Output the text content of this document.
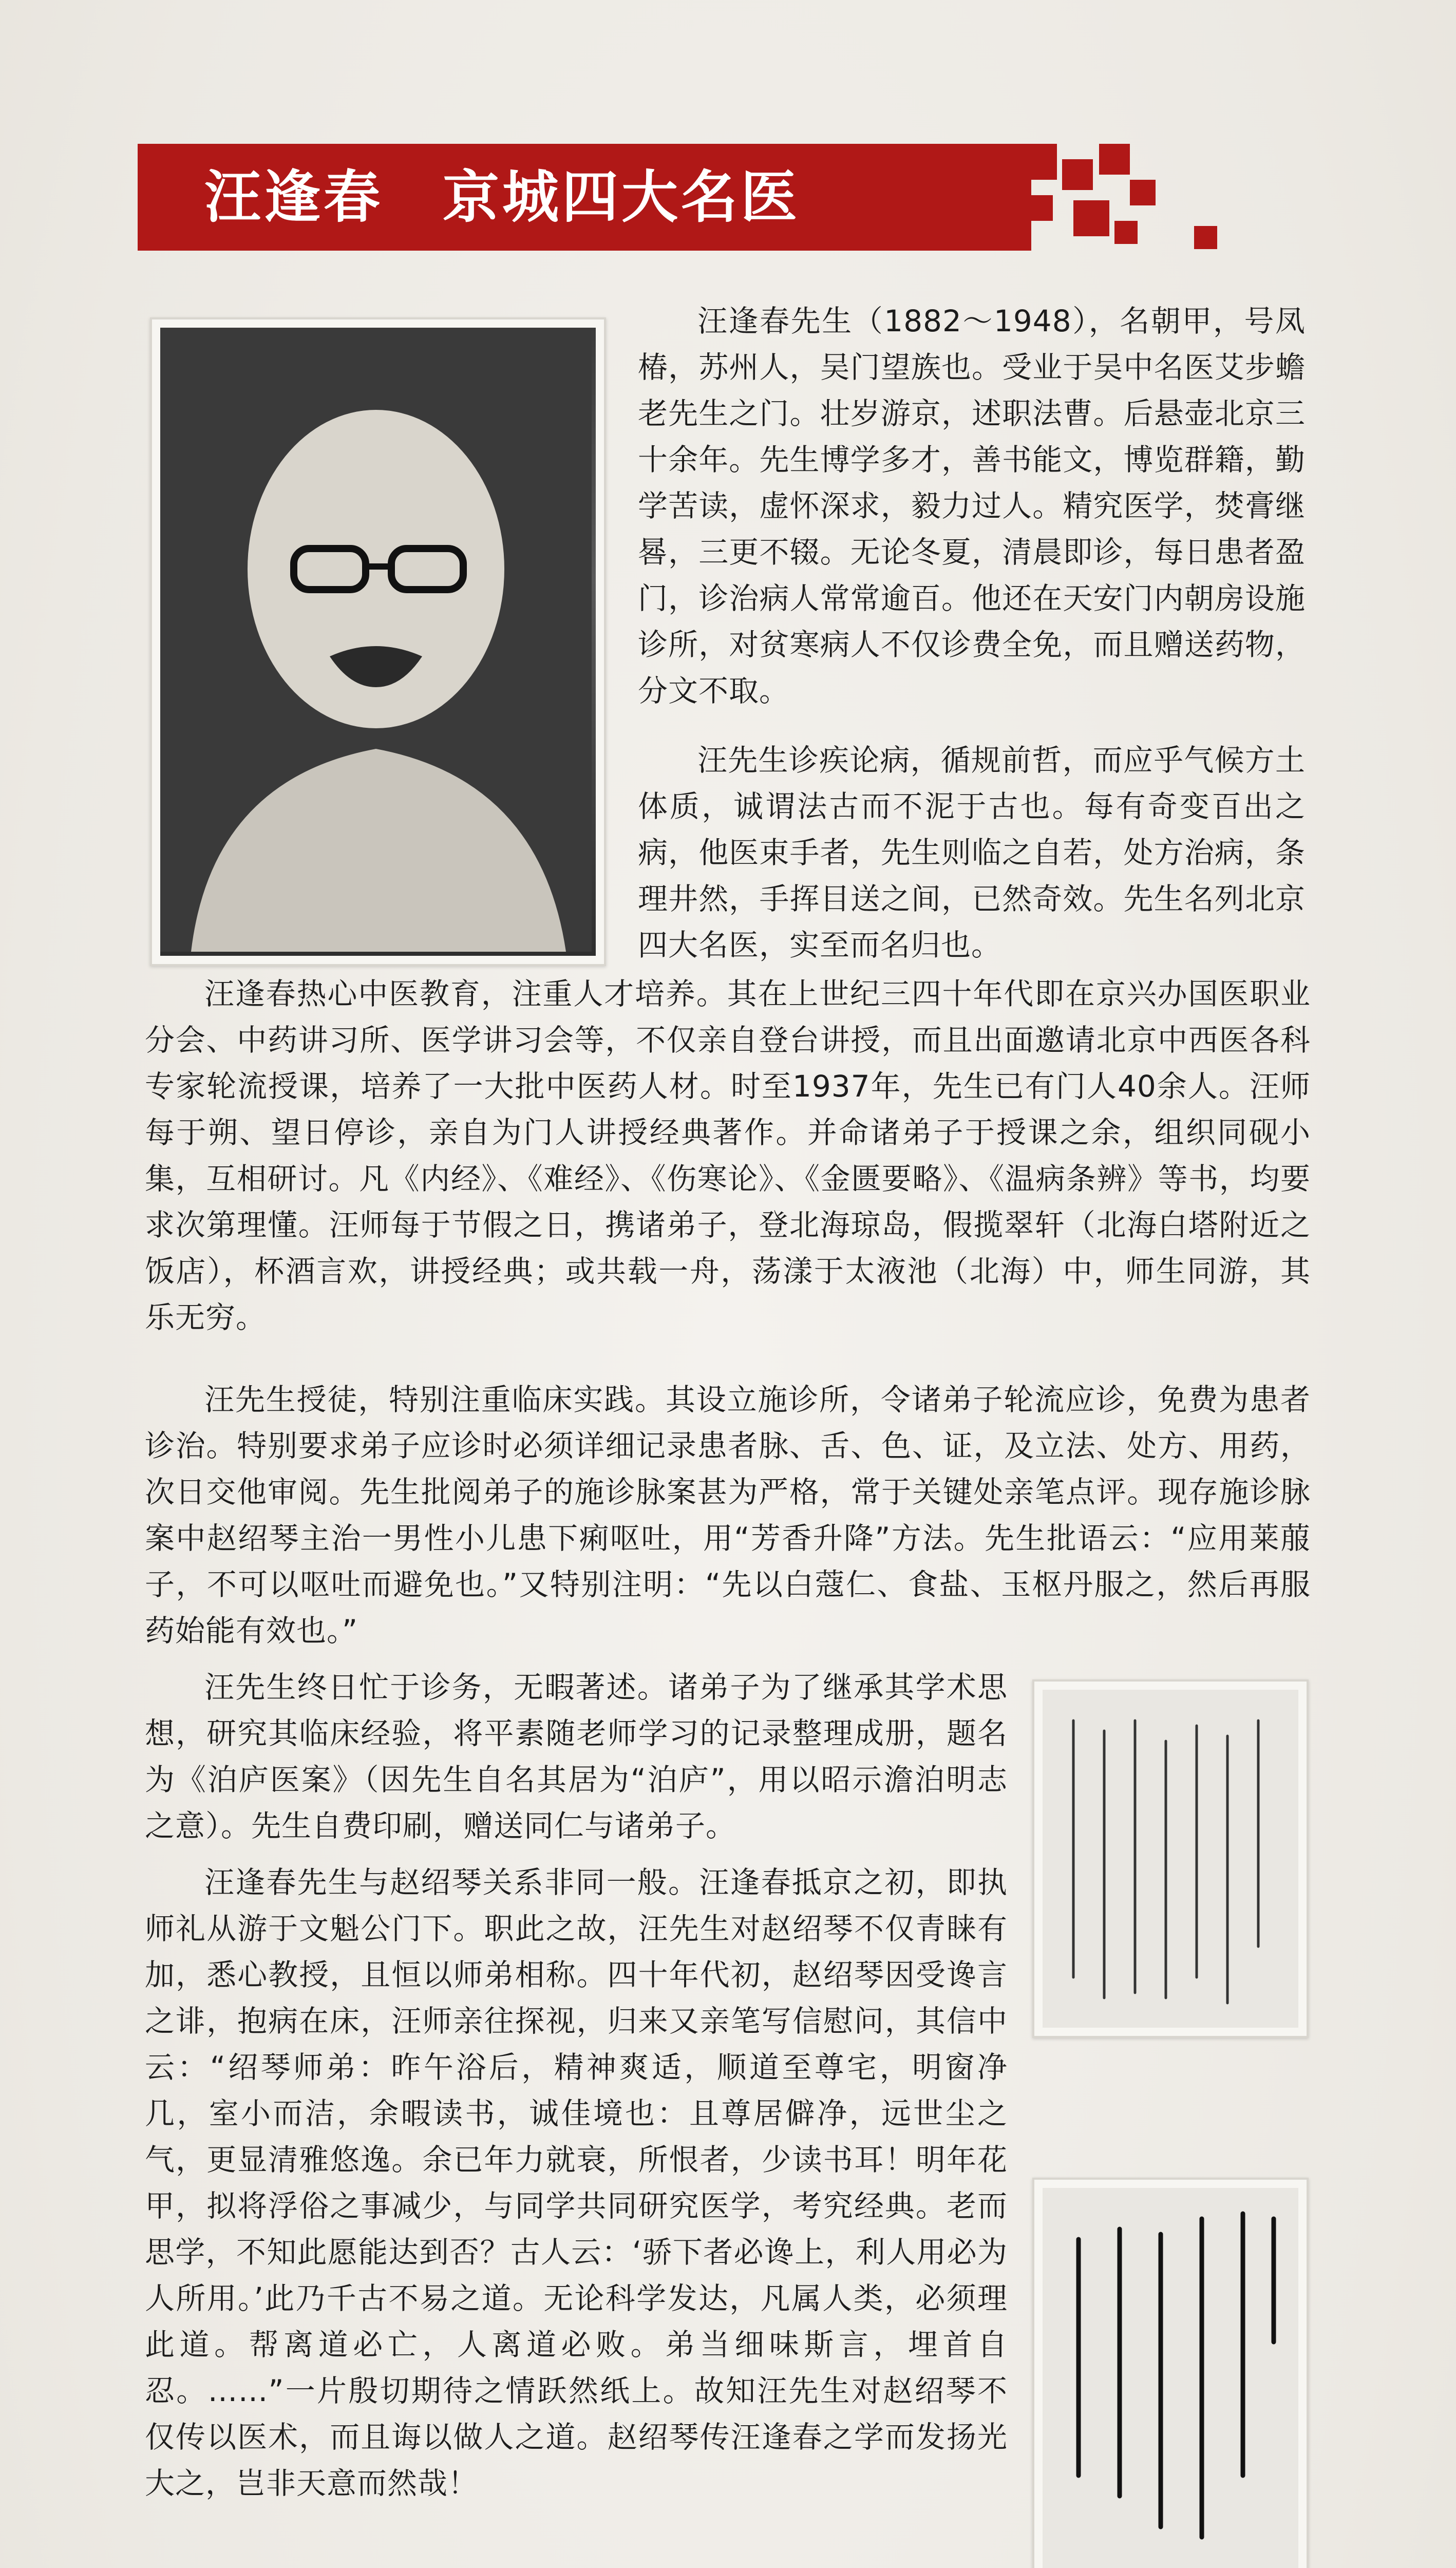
汪逢春　京城四大名医

汪逢春先生（1882～1948），名朝甲，号凤椿，苏州人，吴门望族也。受业于吴中名医艾步蟾老先生之门。壮岁游京，述职法曹。后悬壶北京三十余年。先生博学多才，善书能文，博览群籍，勤学苦读，虚怀深求，毅力过人。精究医学，焚膏继晷，三更不辍。无论冬夏，清晨即诊，每日患者盈门，诊治病人常常逾百。他还在天安门内朝房设施诊所，对贫寒病人不仅诊费全免，而且赠送药物，分文不取。

汪先生诊疾论病，循规前哲，而应乎气候方土体质，诚谓法古而不泥于古也。每有奇变百出之病，他医束手者，先生则临之自若，处方治病，条理井然，手挥目送之间，已然奇效。先生名列北京四大名医，实至而名归也。

汪逢春热心中医教育，注重人才培养。其在上世纪三四十年代即在京兴办国医职业分会、中药讲习所、医学讲习会等，不仅亲自登台讲授，而且出面邀请北京中西医各科专家轮流授课，培养了一大批中医药人材。时至1937年，先生已有门人40余人。汪师每于朔、望日停诊，亲自为门人讲授经典著作。并命诸弟子于授课之余，组织同砚小集，互相研讨。凡《内经》、《难经》、《伤寒论》、《金匮要略》、《温病条辨》等书，均要求次第理懂。汪师每于节假之日，携诸弟子，登北海琼岛，假揽翠轩（北海白塔附近之饭店），杯酒言欢，讲授经典；或共载一舟，荡漾于太液池（北海）中，师生同游，其乐无穷。

汪先生授徒，特别注重临床实践。其设立施诊所，令诸弟子轮流应诊，免费为患者诊治。特别要求弟子应诊时必须详细记录患者脉、舌、色、证，及立法、处方、用药，次日交他审阅。先生批阅弟子的施诊脉案甚为严格，常于关键处亲笔点评。现存施诊脉案中赵绍琴主治一男性小儿患下痢呕吐，用“芳香升降”方法。先生批语云：“应用莱菔子，不可以呕吐而避免也。”又特别注明：“先以白蔻仁、食盐、玉枢丹服之，然后再服药始能有效也。”

汪先生终日忙于诊务，无暇著述。诸弟子为了继承其学术思想，研究其临床经验，将平素随老师学习的记录整理成册，题名为《泊庐医案》（因先生自名其居为“泊庐”，用以昭示澹泊明志之意）。先生自费印刷，赠送同仁与诸弟子。

汪逢春先生与赵绍琴关系非同一般。汪逢春抵京之初，即执师礼从游于文魁公门下。职此之故，汪先生对赵绍琴不仅青睐有加，悉心教授，且恒以师弟相称。四十年代初，赵绍琴因受谗言之诽，抱病在床，汪师亲往探视，归来又亲笔写信慰问，其信中云：“绍琴师弟：昨午浴后，精神爽适，顺道至尊宅，明窗净几，室小而洁，余暇读书，诚佳境也：且尊居僻净，远世尘之气，更显清雅悠逸。余已年力就衰，所恨者，少读书耳！明年花甲，拟将浮俗之事减少，与同学共同研究医学，考究经典。老而思学，不知此愿能达到否？古人云：‘骄下者必谗上，利人用必为人所用。’此乃千古不易之道。无论科学发达，凡属人类，必须理此道。帮离道必亡，人离道必败。弟当细味斯言，埋首自忍。……”一片殷切期待之情跃然纸上。故知汪先生对赵绍琴不仅传以医术，而且诲以做人之道。赵绍琴传汪逢春之学而发扬光大之，岂非天意而然哉！
